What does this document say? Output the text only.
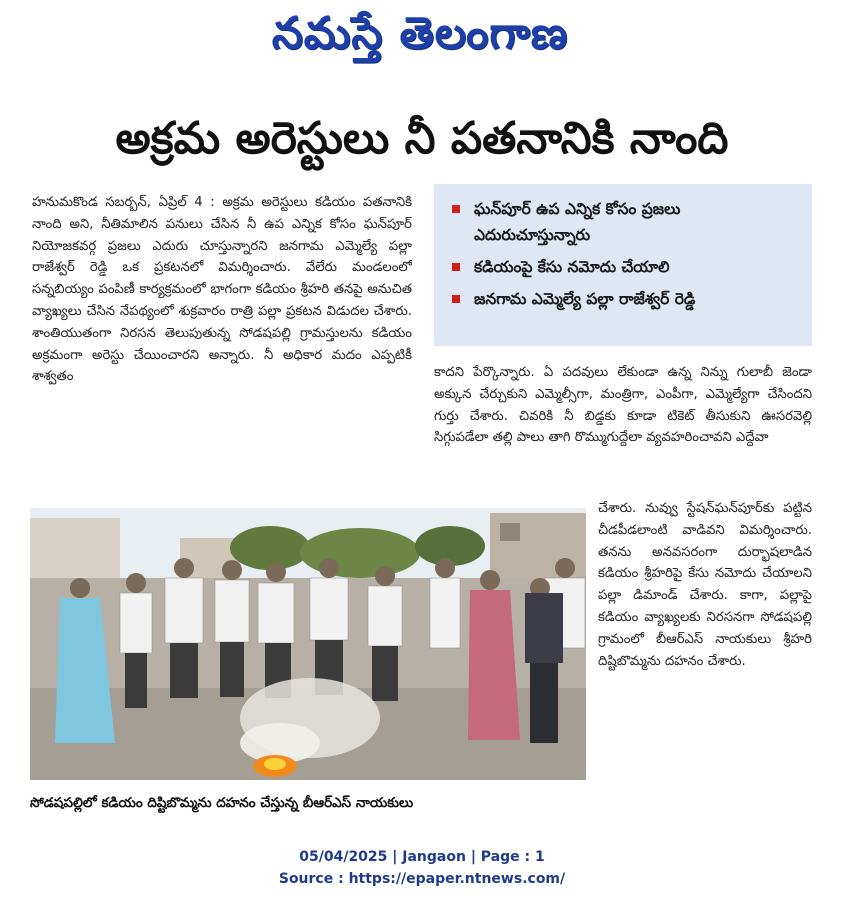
నమస్తే తెలంగాణ
అక్రమ అరెస్టులు నీ పతనానికి నాంది
హనుమకొండ సబర్బన్, ఏప్రిల్ 4 : అక్రమ అరెస్టులు కడియం పతనానికి నాంది అని, నీతిమాలిన పనులు చేసిన నీ ఉప ఎన్నిక కోసం ఘన్‌పూర్ నియోజకవర్గ ప్రజలు ఎదురు చూస్తున్నారని జనగామ ఎమ్మెల్యే పల్లా రాజేశ్వర్ రెడ్డి ఒక ప్రకటనలో విమర్శించారు. వేలేరు మండలంలో సన్నబియ్యం పంపిణీ కార్యక్రమంలో భాగంగా కడియం శ్రీహరి తనపై అనుచిత వ్యాఖ్యలు చేసిన నేపథ్యంలో శుక్రవారం రాత్రి పల్లా ప్రకటన విడుదల చేశారు. శాంతియుతంగా నిరసన తెలుపుతున్న సోడషపల్లి గ్రామస్తులను కడియం అక్రమంగా అరెస్టు చేయించారని అన్నారు. నీ అధికార మదం ఎప్పటికీ శాశ్వతం
ఘన్‌పూర్ ఉప ఎన్నిక కోసం ప్రజలు ఎదురుచూస్తున్నారు
కడియంపై కేసు నమోదు చేయాలి
జనగామ ఎమ్మెల్యే పల్లా రాజేశ్వర్ రెడ్డి
కాదని పేర్కొన్నారు. ఏ పదవులు లేకుండా ఉన్న నిన్ను గులాబీ జెండా అక్కున చేర్చుకుని ఎమ్మెల్సీగా, మంత్రిగా, ఎంపీగా, ఎమ్మెల్యేగా చేసిందని గుర్తు చేశారు. చివరికి నీ బిడ్డకు కూడా టికెట్ తీసుకుని ఊసరవెల్లి సిగ్గుపడేలా తల్లి పాలు తాగి రొమ్ముగుద్దేలా వ్యవహరించావని ఎద్దేవా
సోడషపల్లిలో కడియం దిష్టిబొమ్మను దహనం చేస్తున్న బీఆర్‌ఎస్ నాయకులు
చేశారు. నువ్వు స్టేషన్‌ఘన్‌పూర్‌కు పట్టిన చీడపీడలాంటి వాడివని విమర్శించారు. తనను అనవసరంగా దుర్భాషలాడిన కడియం శ్రీహరిపై కేసు నమోదు చేయాలని పల్లా డిమాండ్ చేశారు. కాగా, పల్లాపై కడియం వ్యాఖ్యలకు నిరసనగా సోడషపల్లి గ్రామంలో బీఆర్‌ఎస్ నాయకులు శ్రీహరి దిష్టిబొమ్మను దహనం చేశారు.
05/04/2025 | Jangaon | Page : 1
Source : https://epaper.ntnews.com/
